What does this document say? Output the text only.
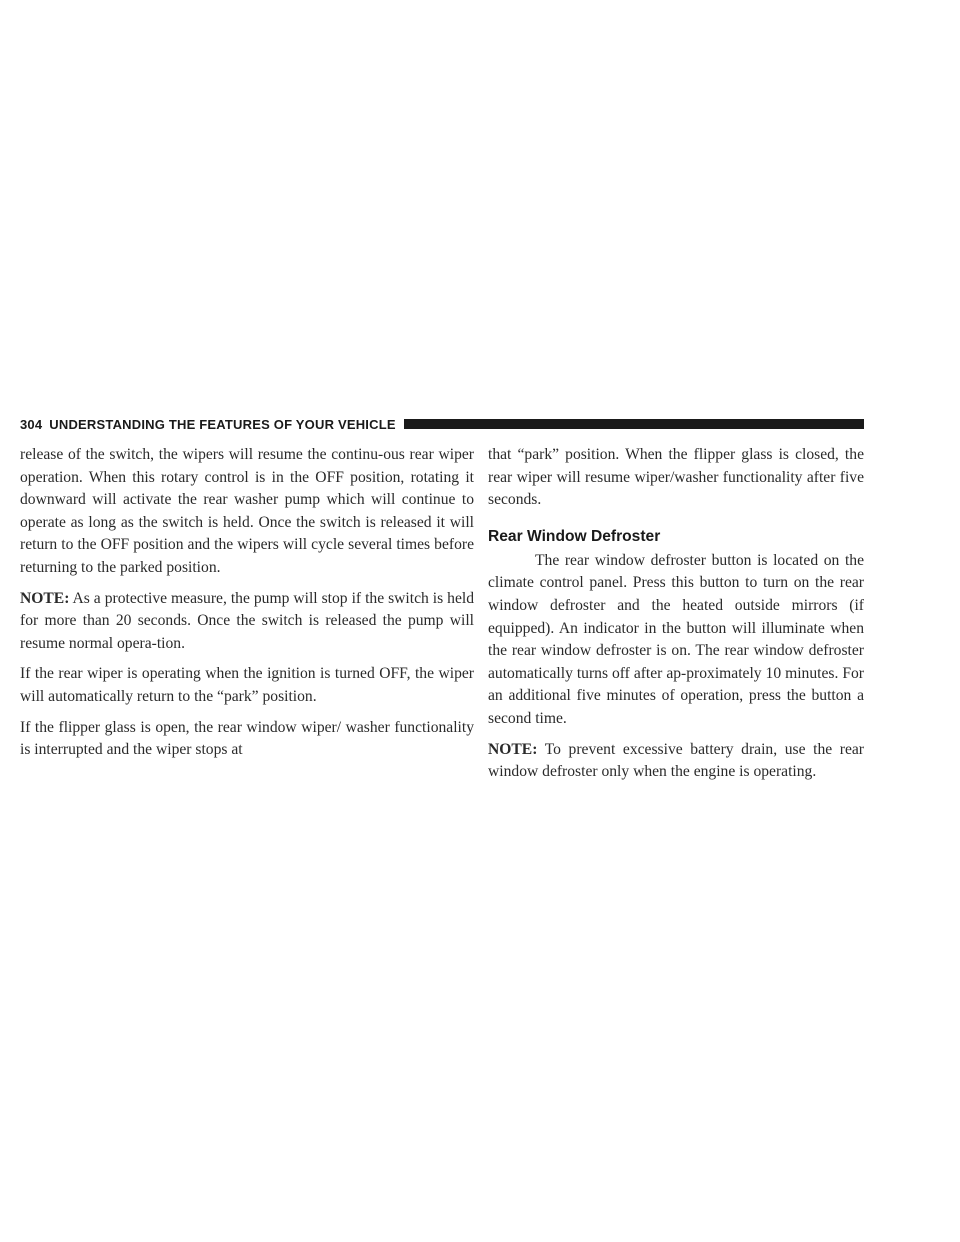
304 UNDERSTANDING THE FEATURES OF YOUR VEHICLE

release of the switch, the wipers will resume the continu-ous rear wiper operation. When this rotary control is in the OFF position, rotating it downward will activate the rear washer pump which will continue to operate as long as the switch is held. Once the switch is released it will return to the OFF position and the wipers will cycle several times before returning to the parked position.

NOTE: As a protective measure, the pump will stop if the switch is held for more than 20 seconds. Once the switch is released the pump will resume normal opera-tion.

If the rear wiper is operating when the ignition is turned OFF, the wiper will automatically return to the “park” position.

If the flipper glass is open, the rear window wiper/ washer functionality is interrupted and the wiper stops at

that “park” position. When the flipper glass is closed, the rear wiper will resume wiper/washer functionality after five seconds.

Rear Window Defroster

The rear window defroster button is located on the climate control panel. Press this button to turn on the rear window defroster and the heated outside mirrors (if equipped). An indicator in the button will illuminate when the rear window defroster is on. The rear window defroster automatically turns off after ap-proximately 10 minutes. For an additional five minutes of operation, press the button a second time.

NOTE: To prevent excessive battery drain, use the rear window defroster only when the engine is operating.
